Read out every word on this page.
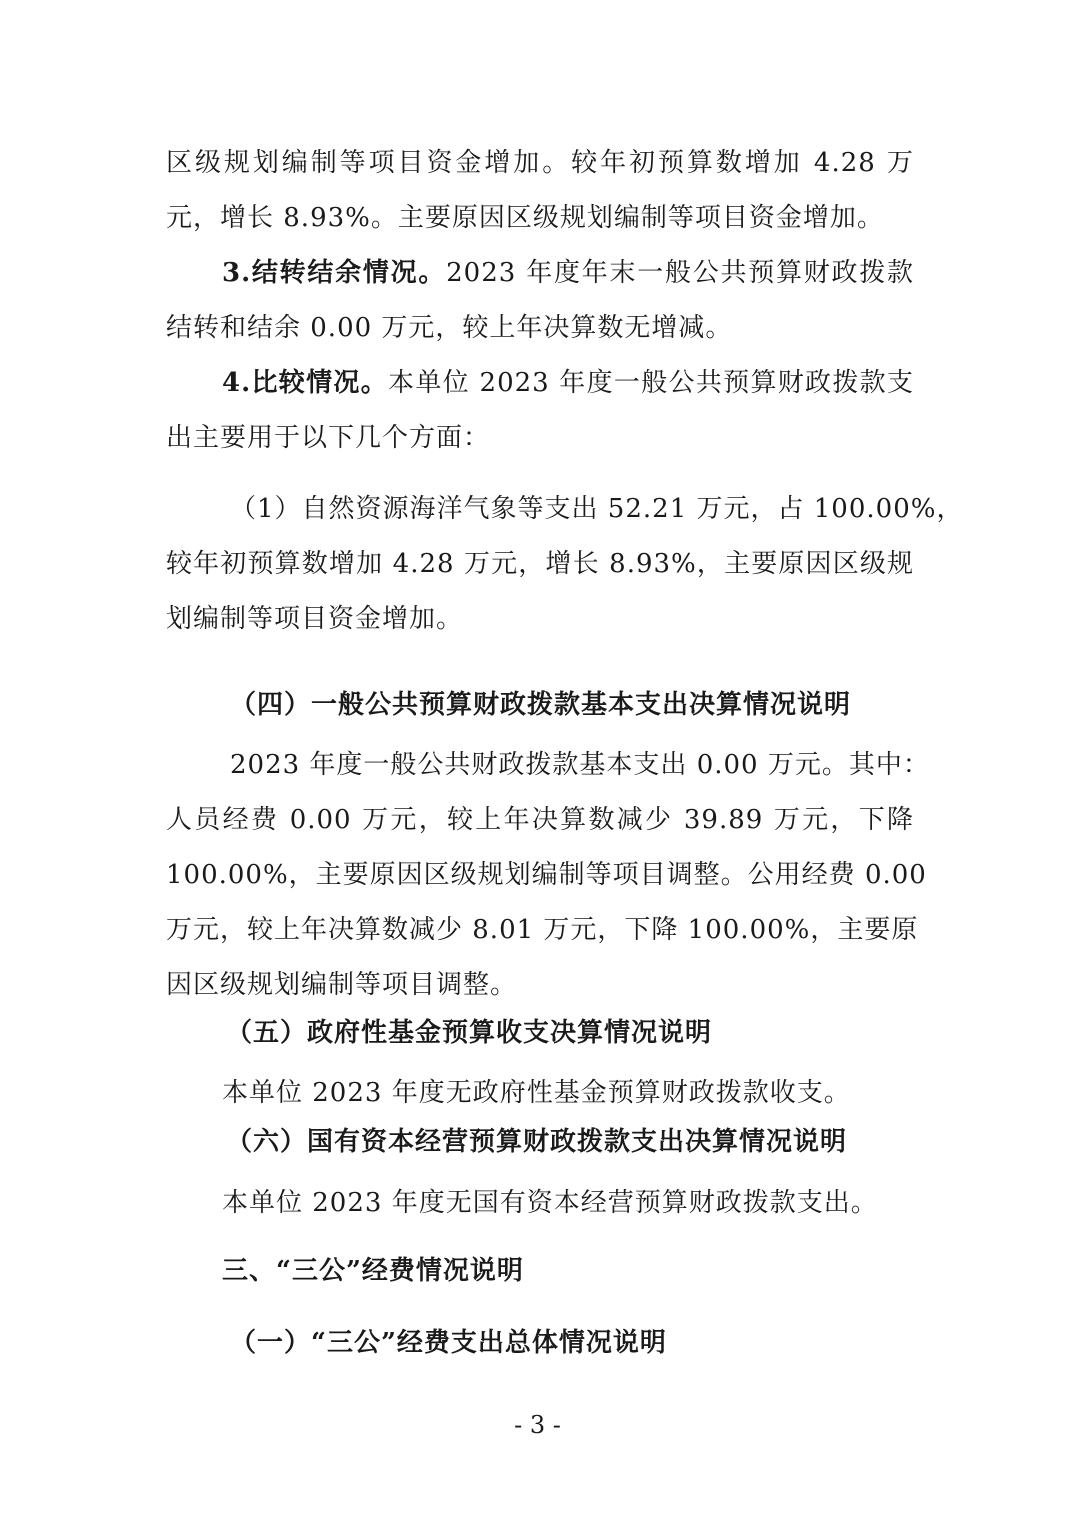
区级规划编制等项目资金增加。较年初预算数增加 4.28 万
元，增长 8.93%。主要原因区级规划编制等项目资金增加。
3.结转结余情况。2023 年度年末一般公共预算财政拨款
结转和结余 0.00 万元，较上年决算数无增减。
4.比较情况。本单位 2023 年度一般公共预算财政拨款支
出主要用于以下几个方面：
（1）自然资源海洋气象等支出 52.21 万元，占 100.00%，
较年初预算数增加 4.28 万元，增长 8.93%，主要原因区级规
划编制等项目资金增加。
（四）一般公共预算财政拨款基本支出决算情况说明
2023 年度一般公共财政拨款基本支出 0.00 万元。其中：
人员经费 0.00 万元，较上年决算数减少 39.89 万元，下降
100.00%，主要原因区级规划编制等项目调整。公用经费 0.00
万元，较上年决算数减少 8.01 万元，下降 100.00%，主要原
因区级规划编制等项目调整。
（五）政府性基金预算收支决算情况说明
本单位 2023 年度无政府性基金预算财政拨款收支。
（六）国有资本经营预算财政拨款支出决算情况说明
本单位 2023 年度无国有资本经营预算财政拨款支出。
三、“三公”经费情况说明
（一）“三公”经费支出总体情况说明
- 3 -
